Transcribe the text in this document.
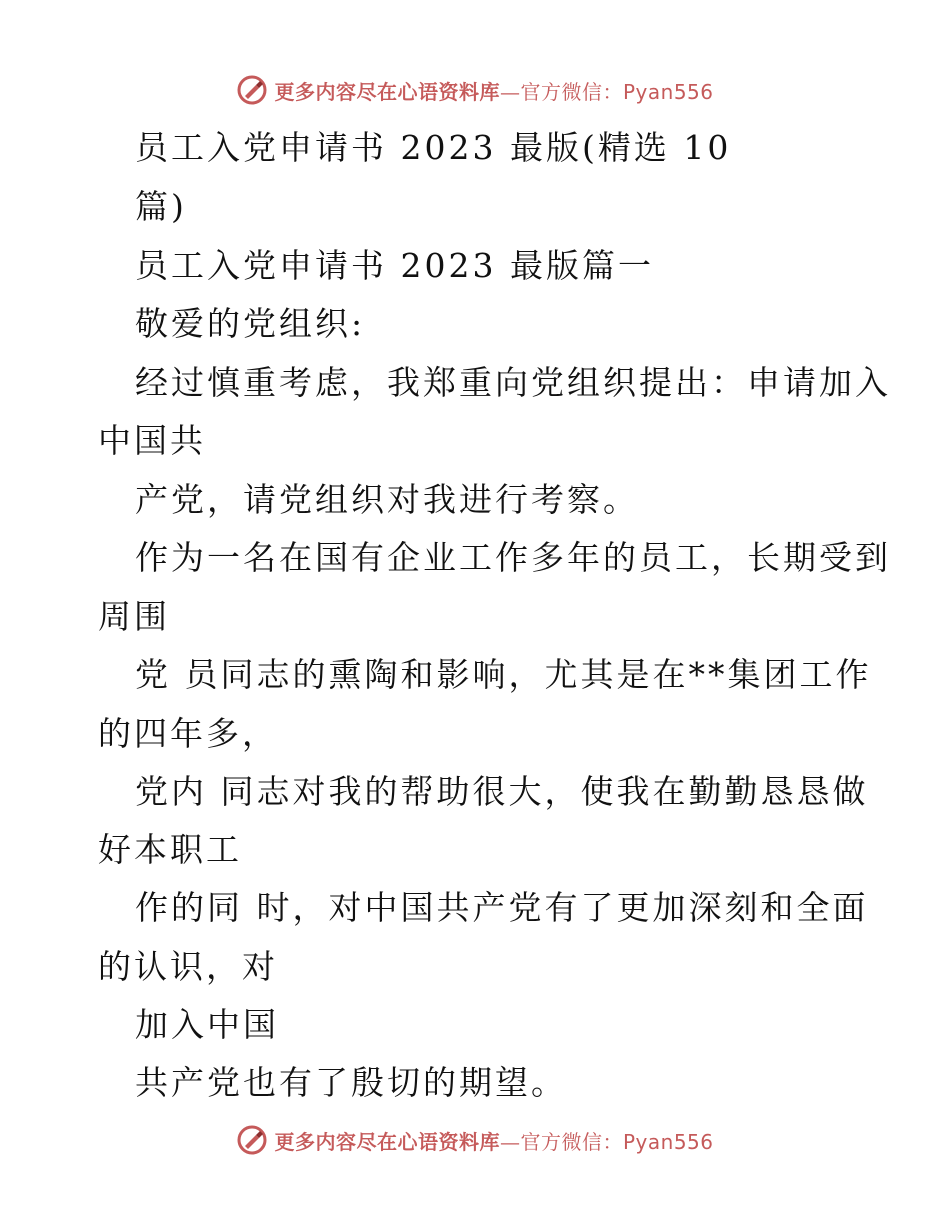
更多内容尽在心语资料库—官方微信：Pyan556
员工入党申请书 2023 最版(精选 10
篇)
员工入党申请书 2023 最版篇一
敬爱的党组织:
经过慎重考虑，我郑重向党组织提出：申请加入
中国共
产党，请党组织对我进行考察。
作为一名在国有企业工作多年的员工，长期受到
周围
党 员同志的熏陶和影响，尤其是在**集团工作
的四年多，
党内 同志对我的帮助很大，使我在勤勤恳恳做
好本职工
作的同 时，对中国共产党有了更加深刻和全面
的认识，对
加入中国
共产党也有了殷切的期望。
更多内容尽在心语资料库—官方微信：Pyan556
